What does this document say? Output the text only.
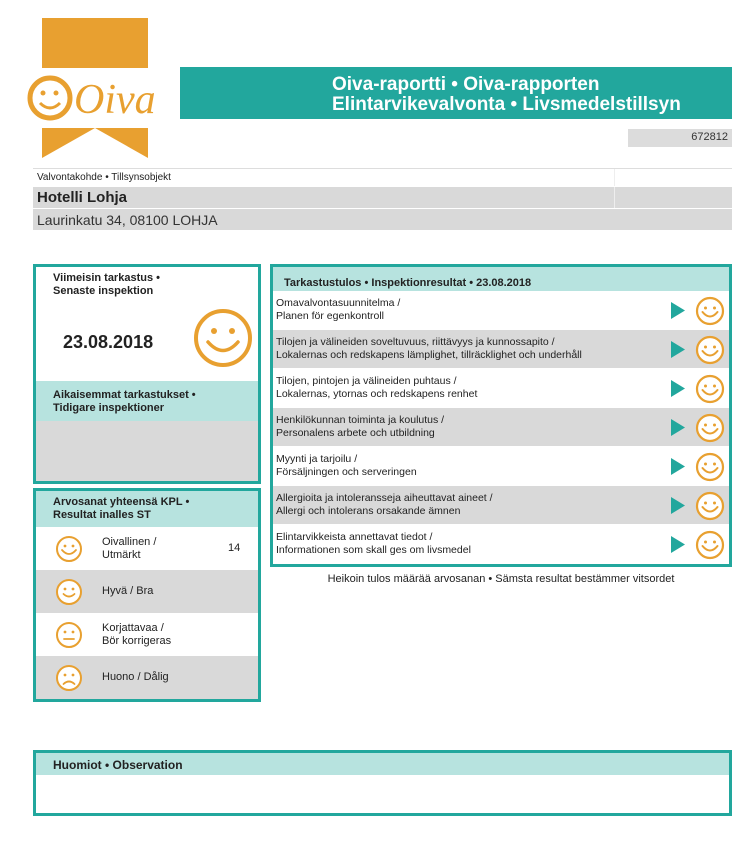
Oiva	Oiva-raportti • Oiva-rapporten
Elintarvikevalvonta • Livsmedelstillsyn
672812
Valvontakohde • Tillsynsobjekt
Hotelli Lohja
Laurinkatu 34, 08100 LOHJA
Viimeisin tarkastus •
Senaste inspektion
23.08.2018
Aikaisemmat tarkastukset •
Tidigare inspektioner
Arvosanat yhteensä KPL •
Resultat inalles ST
Oivallinen /
Utmärkt
14
Hyvä / Bra
Korjattavaa /
Bör korrigeras
Huono / Dålig
Tarkastustulos • Inspektionresultat • 23.08.2018
Omavalvontasuunnitelma /
Planen för egenkontroll
Tilojen ja välineiden soveltuvuus, riittävyys ja kunnossapito /
Lokalernas och redskapens lämplighet, tillräcklighet och underhåll
Tilojen, pintojen ja välineiden puhtaus /
Lokalernas, ytornas och redskapens renhet
Henkilökunnan toiminta ja koulutus /
Personalens arbete och utbildning
Myynti ja tarjoilu /
Försäljningen och serveringen
Allergioita ja intoleransseja aiheuttavat aineet /
Allergi och intolerans orsakande ämnen
Elintarvikkeista annettavat tiedot /
Informationen som skall ges om livsmedel
Heikoin tulos määrää arvosanan • Sämsta resultat bestämmer vitsordet
Huomiot • Observation
